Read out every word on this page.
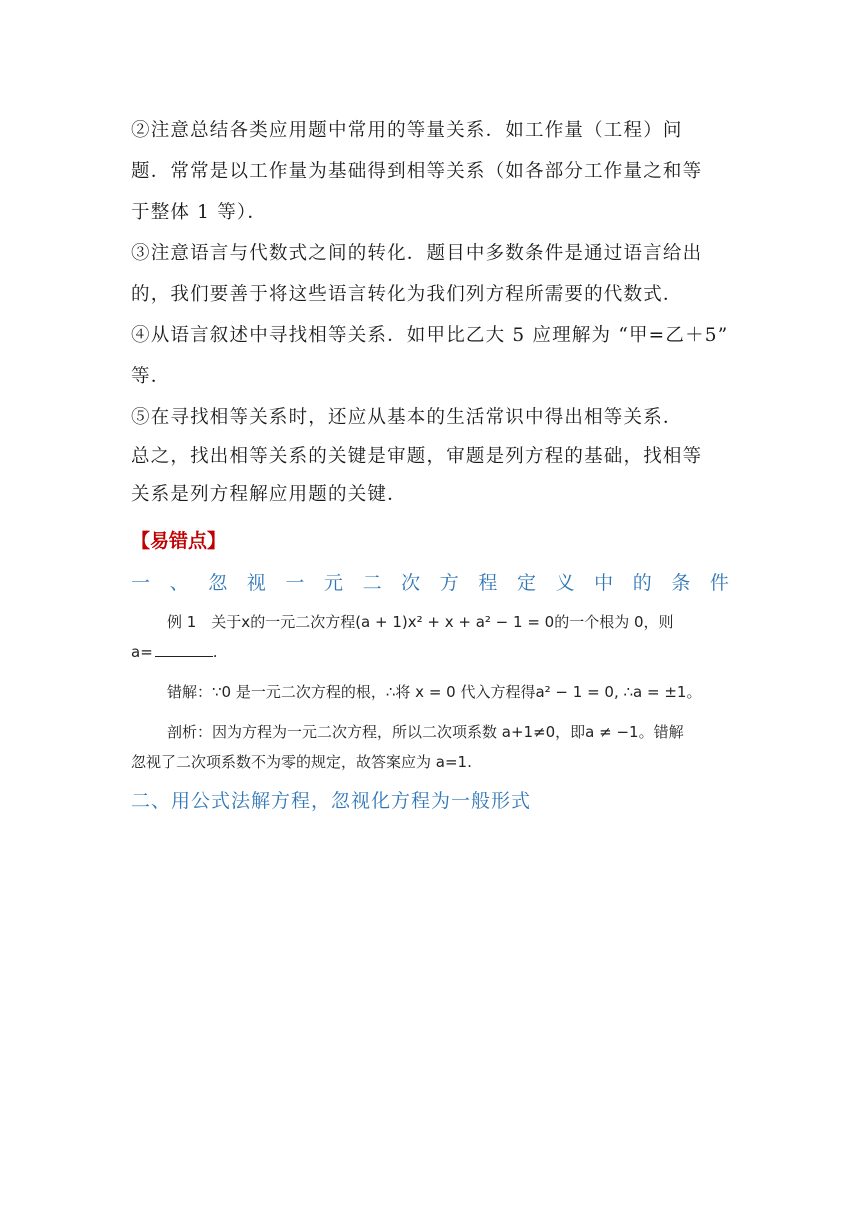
②注意总结各类应用题中常用的等量关系．如工作量（工程）问

题．常常是以工作量为基础得到相等关系（如各部分工作量之和等

于整体 1 等）．

③注意语言与代数式之间的转化．题目中多数条件是通过语言给出

的，我们要善于将这些语言转化为我们列方程所需要的代数式．

④从语言叙述中寻找相等关系．如甲比乙大 5 应理解为 “甲=乙＋5”

等．

⑤在寻找相等关系时，还应从基本的生活常识中得出相等关系．

总之，找出相等关系的关键是审题，审题是列方程的基础，找相等

关系是列方程解应用题的关键．

【易错点】
一 、 忽 视 一 元 二 次 方 程 定 义 中 的 条 件
例 1　关于x的一元二次方程(a + 1)x² + x + a² − 1 = 0的一个根为 0，则
a=	.
错解：∵0 是一元二次方程的根，∴将 x = 0 代入方程得a² − 1 = 0, ∴a = ±1。
剖析：因为方程为一元二次方程，所以二次项系数 a+1≠0，即a ≠ −1。错解
忽视了二次项系数不为零的规定，故答案应为 a=1.
二、用公式法解方程，忽视化方程为一般形式
